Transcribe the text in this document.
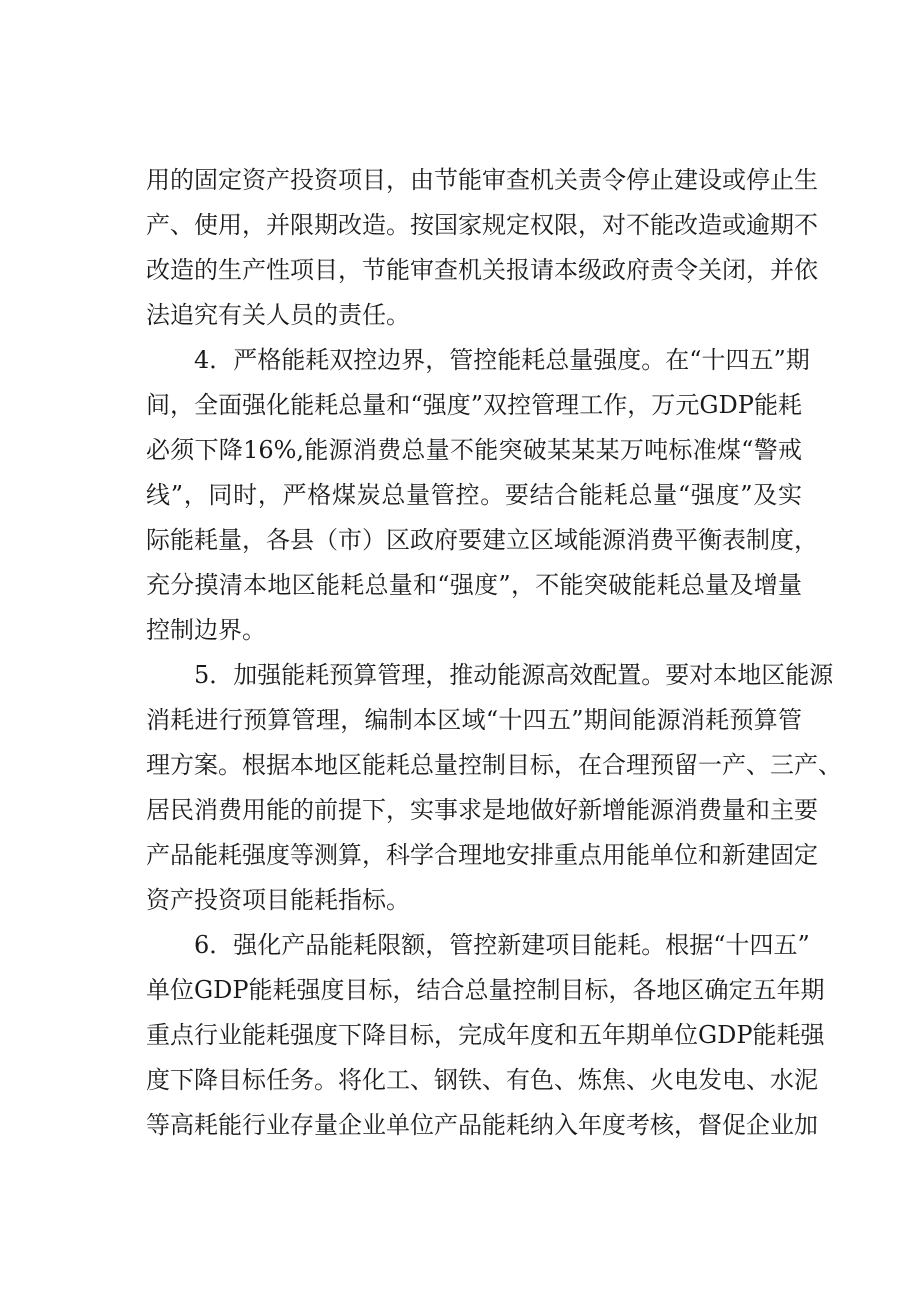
用的固定资产投资项目，由节能审查机关责令停止建设或停止生
产、使用，并限期改造。按国家规定权限，对不能改造或逾期不
改造的生产性项目，节能审查机关报请本级政府责令关闭，并依
法追究有关人员的责任。
4．严格能耗双控边界，管控能耗总量强度。在“十四五”期
间，全面强化能耗总量和“强度”双控管理工作，万元GDP能耗
必须下降16%,能源消费总量不能突破某某某万吨标准煤“警戒
线”，同时，严格煤炭总量管控。要结合能耗总量“强度”及实
际能耗量，各县（市）区政府要建立区域能源消费平衡表制度，
充分摸清本地区能耗总量和“强度”，不能突破能耗总量及增量
控制边界。
5．加强能耗预算管理，推动能源高效配置。要对本地区能源
消耗进行预算管理，编制本区域“十四五”期间能源消耗预算管
理方案。根据本地区能耗总量控制目标，在合理预留一产、三产、
居民消费用能的前提下，实事求是地做好新增能源消费量和主要
产品能耗强度等测算，科学合理地安排重点用能单位和新建固定
资产投资项目能耗指标。
6．强化产品能耗限额，管控新建项目能耗。根据“十四五”
单位GDP能耗强度目标，结合总量控制目标，各地区确定五年期
重点行业能耗强度下降目标，完成年度和五年期单位GDP能耗强
度下降目标任务。将化工、钢铁、有色、炼焦、火电发电、水泥
等高耗能行业存量企业单位产品能耗纳入年度考核，督促企业加
